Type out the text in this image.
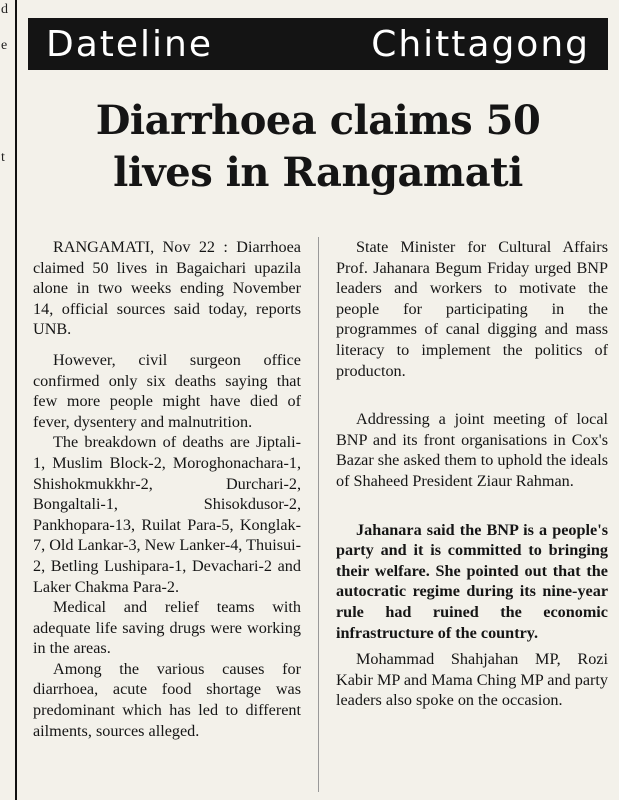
d
e
t
Dateline	Chittagong
Diarrhoea claims 50
lives in Rangamati

RANGAMATI, Nov 22 : Diarrhoea claimed 50 lives in Bagaichari upazila alone in two weeks ending November 14, official sources said today, reports UNB.

However, civil surgeon office confirmed only six deaths saying that few more people might have died of fever, dysentery and malnutrition.

The breakdown of deaths are Jiptali-1, Muslim Block-2, Moroghonachara-1, Shishokmukkhr-2, Durchari-2, Bongaltali-1, Shisokdusor-2, Pankhopara-13, Ruilat Para-5, Konglak-7, Old Lankar-3, New Lanker-4, Thuisui-2, Betling Lushipara-1, Devachari-2 and Laker Chakma Para-2.

Medical and relief teams with adequate life saving drugs were working in the areas.

Among the various causes for diarrhoea, acute food shortage was predominant which has led to different ailments, sources alleged.

State Minister for Cultural Affairs Prof. Jahanara Begum Friday urged BNP leaders and workers to motivate the people for participating in the programmes of canal digging and mass literacy to implement the politics of producton.

Addressing a joint meeting of local BNP and its front organisations in Cox's Bazar she asked them to uphold the ideals of Shaheed President Ziaur Rahman.

Jahanara said the BNP is a people's party and it is committed to bringing their welfare. She pointed out that the autocratic regime during its nine-year rule had ruined the economic infrastructure of the country.

Mohammad Shahjahan MP, Rozi Kabir MP and Mama Ching MP and party leaders also spoke on the occasion.
